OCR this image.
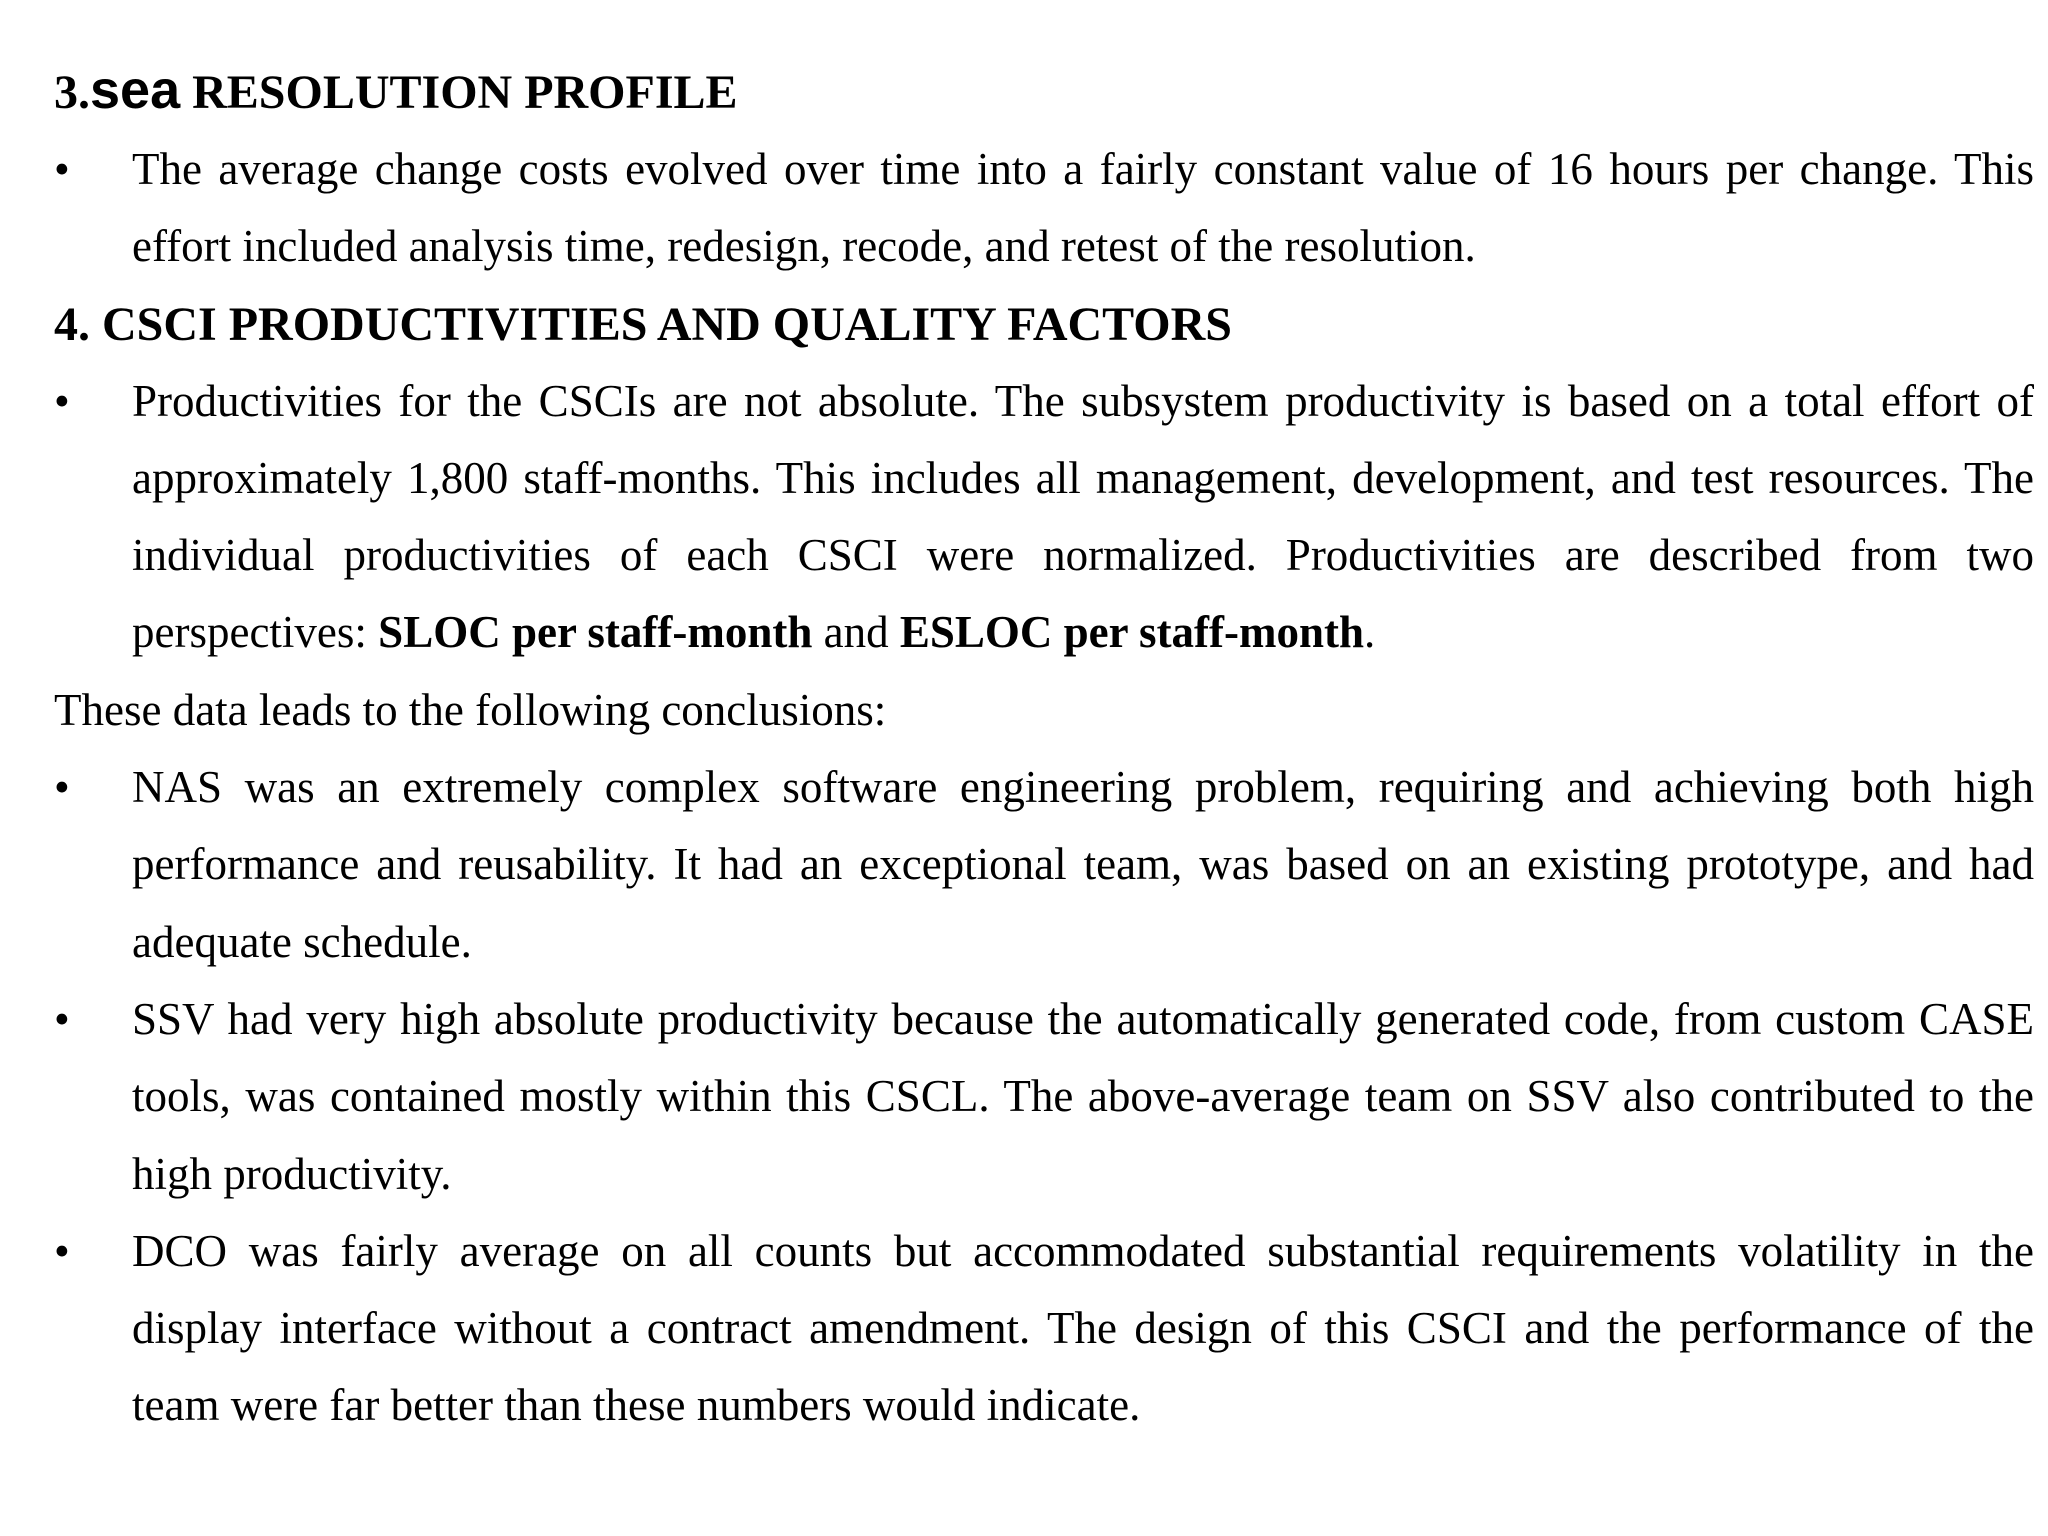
3.sea RESOLUTION PROFILE

• The average change costs evolved over time into a fairly constant value of 16 hours per change. This effort included analysis time, redesign, recode, and retest of the resolution.

4. CSCI PRODUCTIVITIES AND QUALITY FACTORS

• Productivities for the CSCIs are not absolute. The subsystem productivity is based on a total effort of approximately 1,800 staff-months. This includes all management, development, and test resources. The individual productivities of each CSCI were normalized. Productivities are described from two perspectives: SLOC per staff-month and ESLOC per staff-month.

These data leads to the following conclusions:

• NAS was an extremely complex software engineering problem, requiring and achieving both high performance and reusability. It had an exceptional team, was based on an existing prototype, and had adequate schedule.

• SSV had very high absolute productivity because the automatically generated code, from custom CASE tools, was contained mostly within this CSCL. The above-average team on SSV also contributed to the high productivity.

• DCO was fairly average on all counts but accommodated substantial requirements volatility in the display interface without a contract amendment. The design of this CSCI and the performance of the team were far better than these numbers would indicate.
